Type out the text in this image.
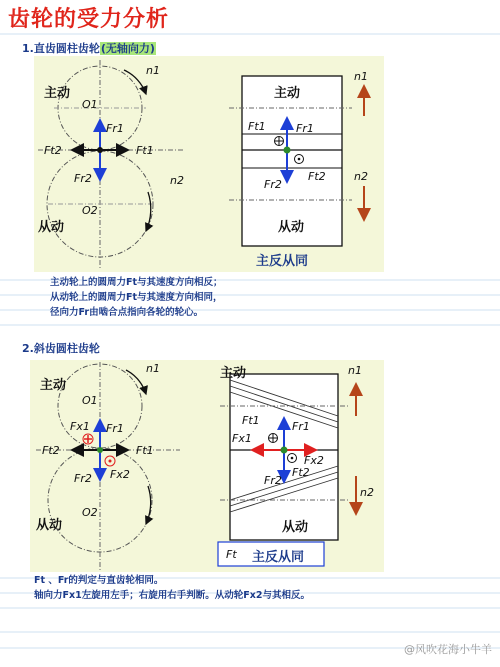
齿轮的受力分析
1.直齿圆柱齿轮(无轴向力)
主动
从动
n1
n2
O1
O2
Fr1
Ft2	Ft1
Fr2
主动
从动
Ft1	Fr1
Fr2
Ft2
n1
n2
主反从同
主动轮上的圆周力Ft与其速度方向相反；
从动轮上的圆周力Ft与其速度方向相同，
径向力Fr由啮合点指向各轮的轮心。
2.斜齿圆柱齿轮
主动
从动
n1
O1
O2
Fx1 Fr1
Ft2	Ft1
Fx2
Fr2
主动
从动
Ft1
Fx1
Fr1
Fx2
Fr2
Ft2
n1
n2
Ft 主反从同
Ft 、Fr的判定与直齿轮相同。
轴向力Fx1左旋用左手；右旋用右手判断。从动轮Fx2与其相反。
@风吹花海小牛羊
